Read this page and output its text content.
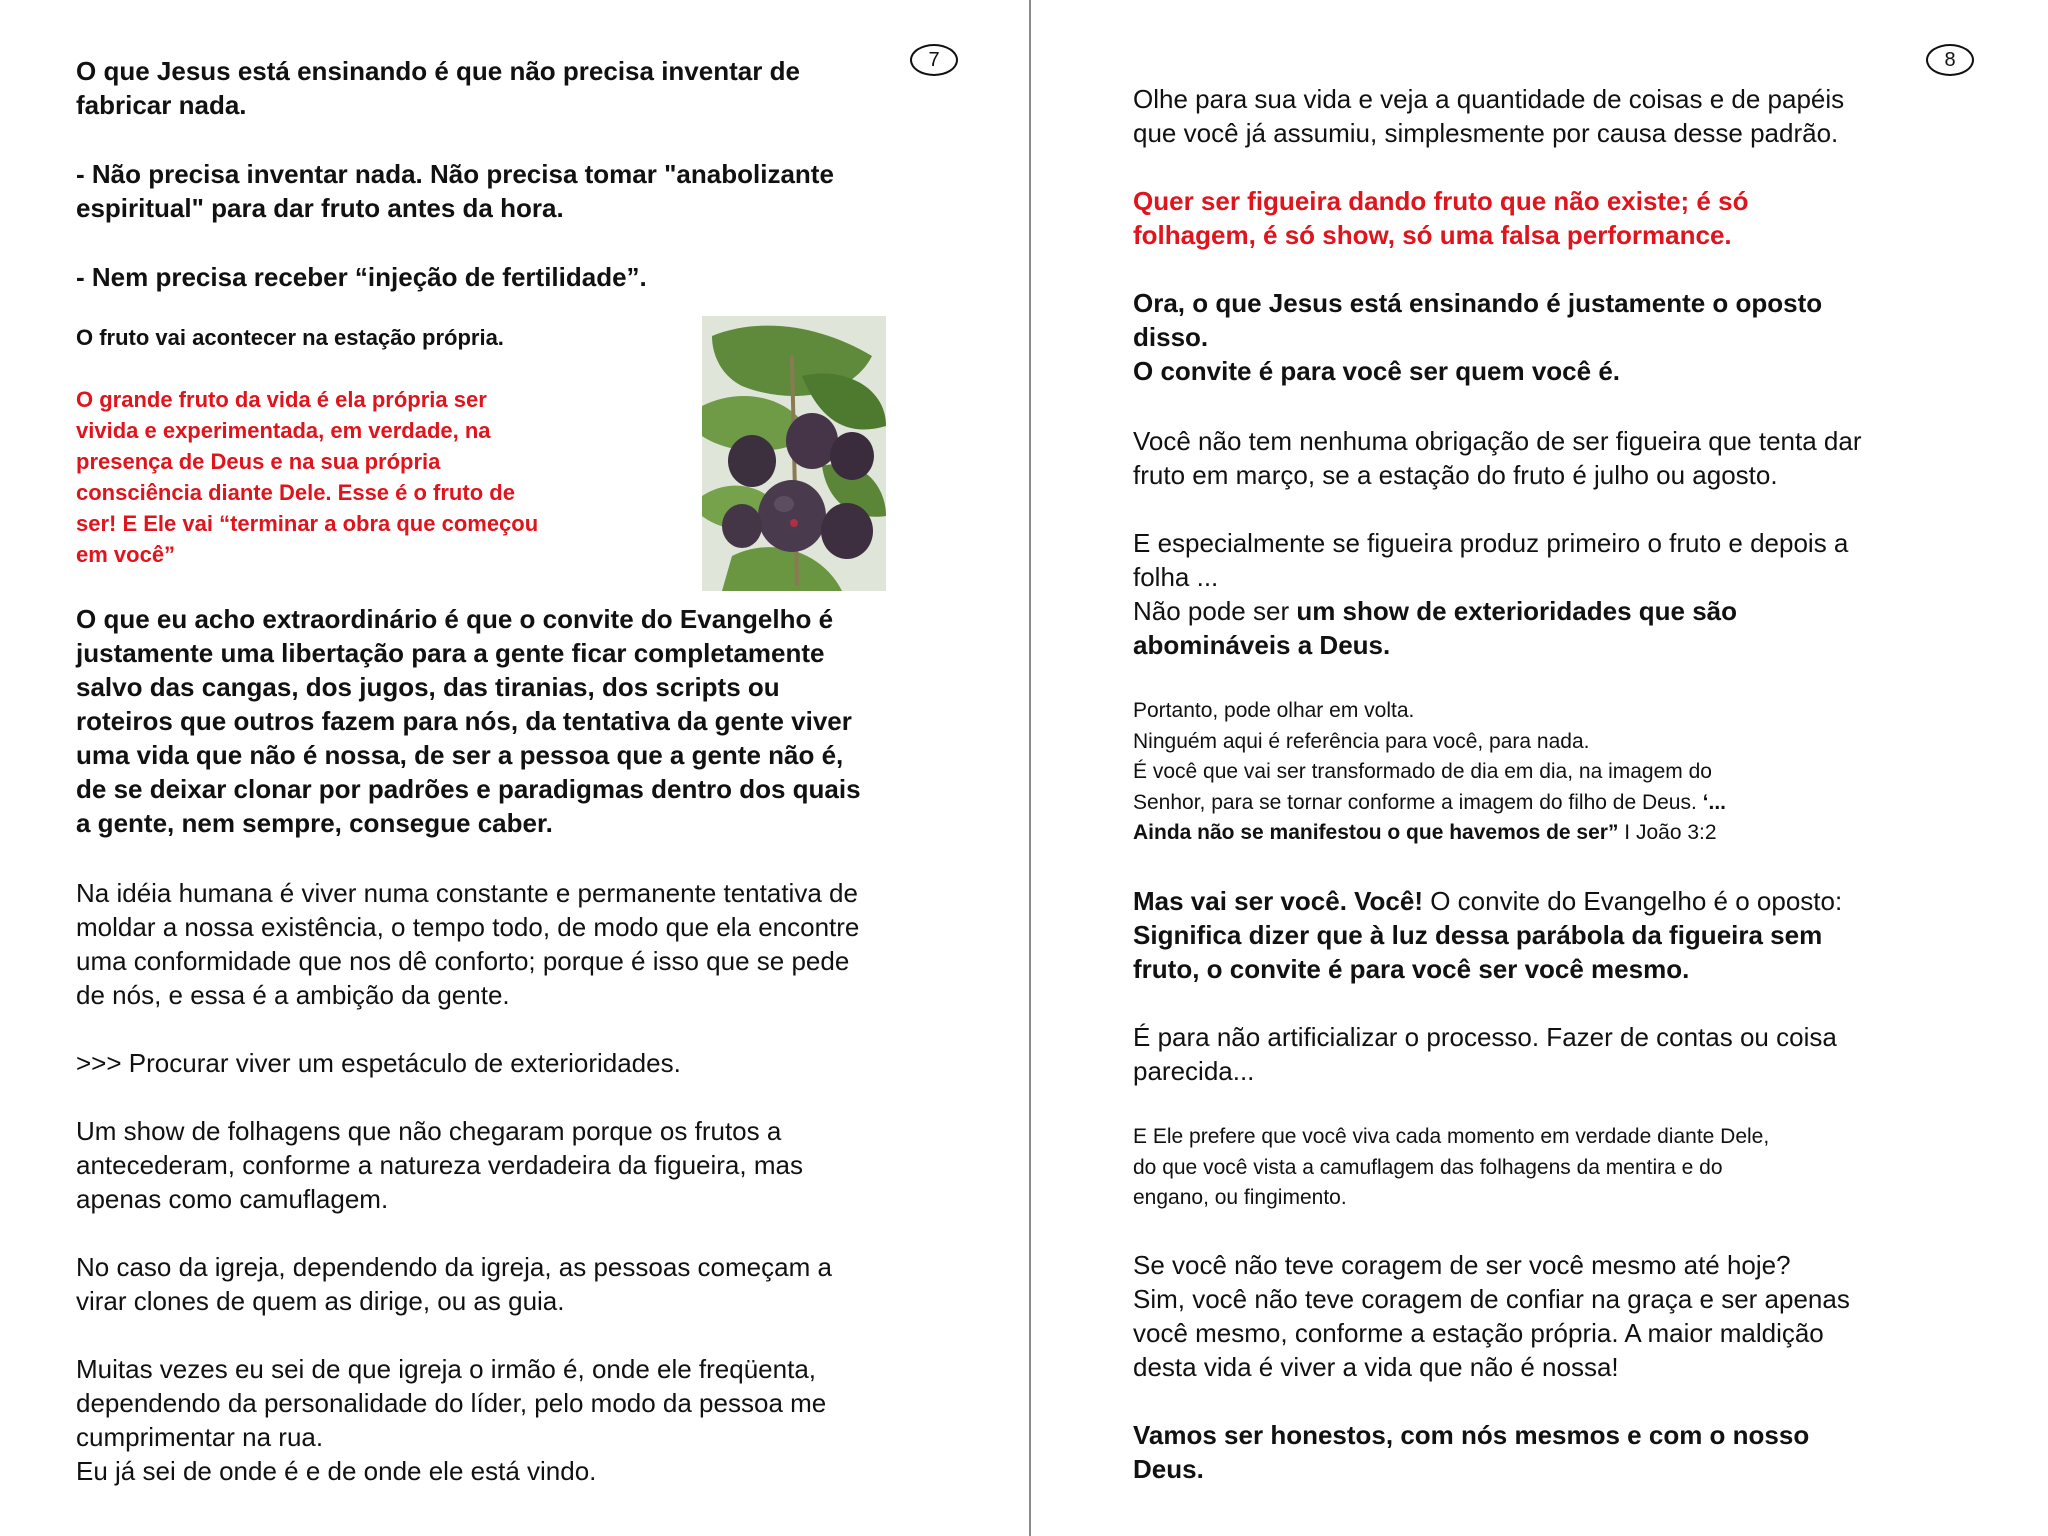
7

O que Jesus está ensinando é que não precisa inventar de
fabricar nada.

- Não precisa inventar nada. Não precisa tomar "anabolizante
espiritual" para dar fruto antes da hora.

- Nem precisa receber “injeção de fertilidade”.

O fruto vai acontecer na estação própria.

O grande fruto da vida é ela própria ser
vivida e experimentada, em verdade, na
presença de Deus e na sua própria
consciência diante Dele. Esse é o fruto de
ser! E Ele vai “terminar a obra que começou
em você”

O que eu acho extraordinário é que o convite do Evangelho é
justamente uma libertação para a gente ficar completamente
salvo das cangas, dos jugos, das tiranias, dos scripts ou
roteiros que outros fazem para nós, da tentativa da gente viver
uma vida que não é nossa, de ser a pessoa que a gente não é,
de se deixar clonar por padrões e paradigmas dentro dos quais
a gente, nem sempre, consegue caber.

Na idéia humana é viver numa constante e permanente tentativa de
moldar a nossa existência, o tempo todo, de modo que ela encontre
uma conformidade que nos dê conforto; porque é isso que se pede
de nós, e essa é a ambição da gente.

>>> Procurar viver um espetáculo de exterioridades.

Um show de folhagens que não chegaram porque os frutos a
antecederam, conforme a natureza verdadeira da figueira, mas
apenas como camuflagem.

No caso da igreja, dependendo da igreja, as pessoas começam a
virar clones de quem as dirige, ou as guia.

Muitas vezes eu sei de que igreja o irmão é, onde ele freqüenta,
dependendo da personalidade do líder, pelo modo da pessoa me
cumprimentar na rua.
Eu já sei de onde é e de onde ele está vindo.

8

Olhe para sua vida e veja a quantidade de coisas e de papéis
que você já assumiu, simplesmente por causa desse padrão.

Quer ser figueira dando fruto que não existe; é só
folhagem, é só show, só uma falsa performance.

Ora, o que Jesus está ensinando é justamente o oposto
disso.
O convite é para você ser quem você é.

Você não tem nenhuma obrigação de ser figueira que tenta dar
fruto em março, se a estação do fruto é julho ou agosto.

E especialmente se figueira produz primeiro o fruto e depois a
folha ...
Não pode ser um show de exterioridades que são
abomináveis a Deus.

Portanto, pode olhar em volta.
Ninguém aqui é referência para você, para nada.
É você que vai ser transformado de dia em dia, na imagem do
Senhor, para se tornar conforme a imagem do filho de Deus. ‘...
Ainda não se manifestou o que havemos de ser” I João 3:2

Mas vai ser você. Você! O convite do Evangelho é o oposto:
Significa dizer que à luz dessa parábola da figueira sem
fruto, o convite é para você ser você mesmo.

É para não artificializar o processo. Fazer de contas ou coisa
parecida...

E Ele prefere que você viva cada momento em verdade diante Dele,
do que você vista a camuflagem das folhagens da mentira e do
engano, ou fingimento.

Se você não teve coragem de ser você mesmo até hoje?
Sim, você não teve coragem de confiar na graça e ser apenas
você mesmo, conforme a estação própria. A maior maldição
desta vida é viver a vida que não é nossa!

Vamos ser honestos, com nós mesmos e com o nosso
Deus.
